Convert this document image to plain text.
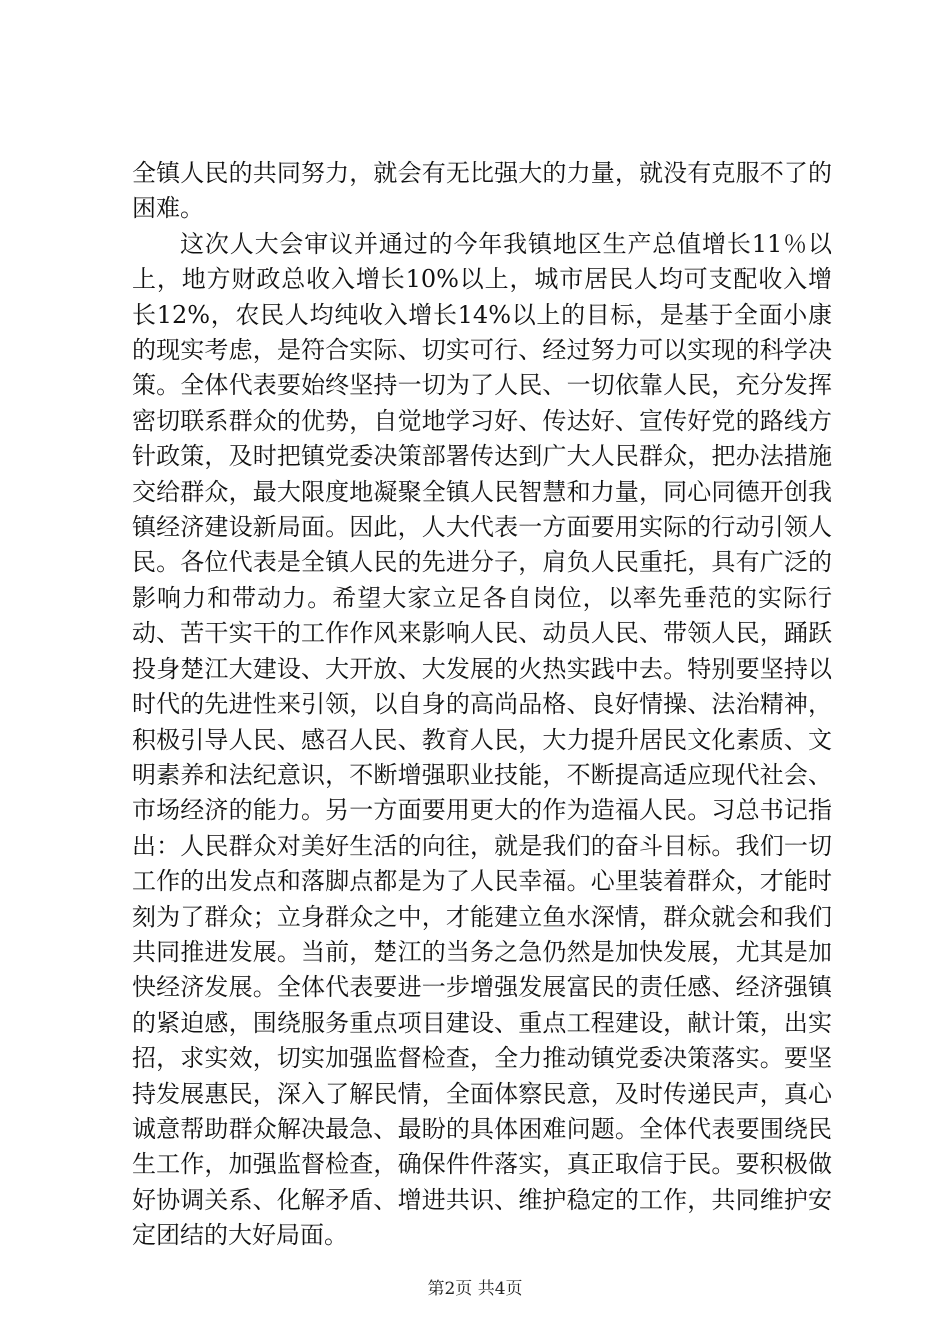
全镇人民的共同努力，就会有无比强大的力量，就没有克服不了的困难。

这次人大会审议并通过的今年我镇地区生产总值增长11％以上，地方财政总收入增长10%以上，城市居民人均可支配收入增长12%，农民人均纯收入增长14%以上的目标，是基于全面小康的现实考虑，是符合实际、切实可行、经过努力可以实现的科学决策。全体代表要始终坚持一切为了人民、一切依靠人民，充分发挥密切联系群众的优势，自觉地学习好、传达好、宣传好党的路线方针政策，及时把镇党委决策部署传达到广大人民群众，把办法措施交给群众，最大限度地凝聚全镇人民智慧和力量，同心同德开创我镇经济建设新局面。因此，人大代表一方面要用实际的行动引领人民。各位代表是全镇人民的先进分子，肩负人民重托，具有广泛的影响力和带动力。希望大家立足各自岗位，以率先垂范的实际行动、苦干实干的工作作风来影响人民、动员人民、带领人民，踊跃投身楚江大建设、大开放、大发展的火热实践中去。特别要坚持以时代的先进性来引领，以自身的高尚品格、良好情操、法治精神，积极引导人民、感召人民、教育人民，大力提升居民文化素质、文明素养和法纪意识，不断增强职业技能，不断提高适应现代社会、市场经济的能力。另一方面要用更大的作为造福人民。习总书记指出：人民群众对美好生活的向往，就是我们的奋斗目标。我们一切工作的出发点和落脚点都是为了人民幸福。心里装着群众，才能时刻为了群众；立身群众之中，才能建立鱼水深情，群众就会和我们共同推进发展。当前，楚江的当务之急仍然是加快发展，尤其是加快经济发展。全体代表要进一步增强发展富民的责任感、经济强镇的紧迫感，围绕服务重点项目建设、重点工程建设，献计策，出实招，求实效，切实加强监督检查，全力推动镇党委决策落实。要坚持发展惠民，深入了解民情，全面体察民意，及时传递民声，真心诚意帮助群众解决最急、最盼的具体困难问题。全体代表要围绕民生工作，加强监督检查，确保件件落实，真正取信于民。要积极做好协调关系、化解矛盾、增进共识、维护稳定的工作，共同维护安定团结的大好局面。

第2页 共4页
